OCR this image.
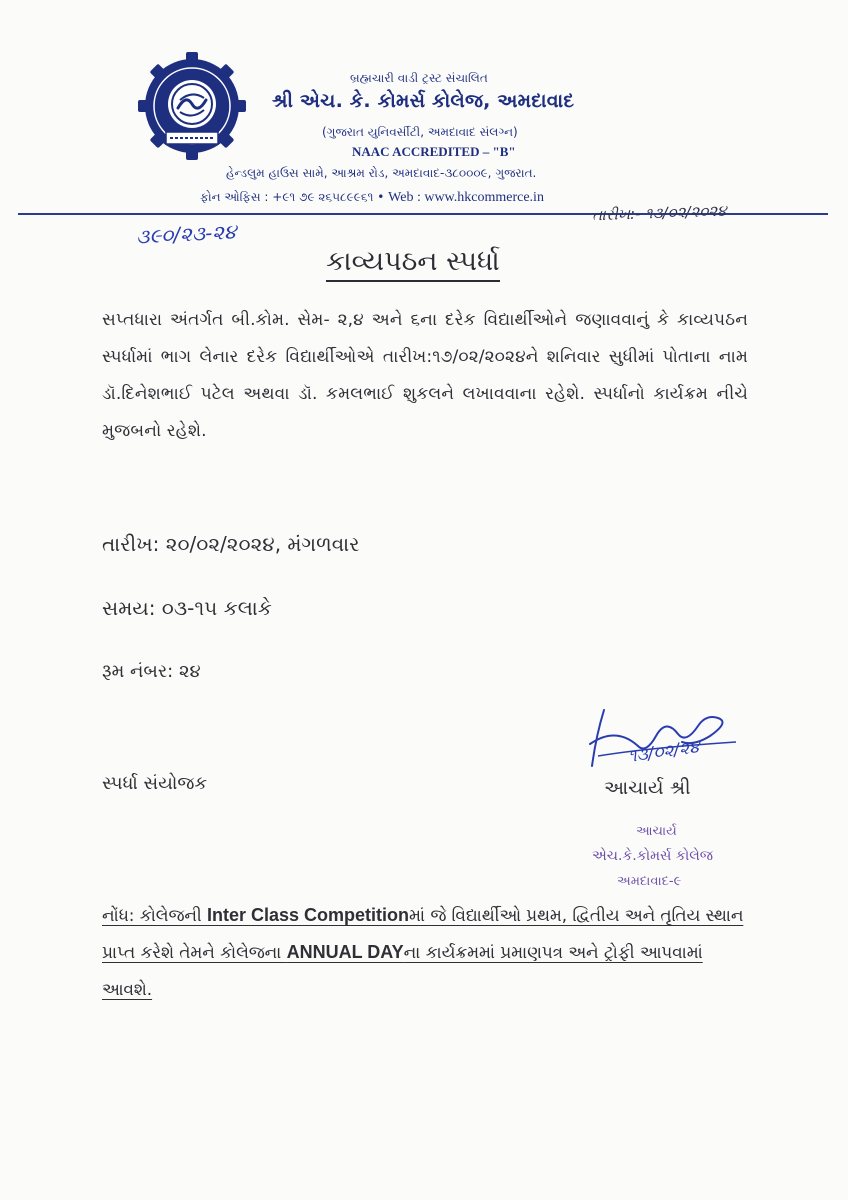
બ્રહ્મચારી વાડી ટ્રસ્ટ સંચાલિત
શ્રી એચ. કે. કોમર્સ કોલેજ, અમદાવાદ
(ગુજરાત યુનિવર્સીટી, અમદાવાદ સંલગ્ન)
NAAC ACCREDITED – "B"
હેન્ડલુમ હાઉસ સામે, આશ્રમ રોડ, અમદાવાદ-૩૮૦૦૦૯, ગુજરાત.
ફોન ઓફિસ : +૯૧ ૭૯ ૨૬૫૮૯૯૬૧ • Web : www.hkcommerce.in
તારીખ:- ૧૩/૦૨/૨૦૨૪
૩૯૦/૨૩-૨૪
કાવ્યપઠન સ્પર્ધા
સપ્તધારા અંતર્ગત બી.કોમ. સેમ- ૨,૪ અને ૬ના દરેક વિદ્યાર્થીઓને જણાવવાનું કે કાવ્યપઠન સ્પર્ધામાં ભાગ લેનાર દરેક વિદ્યાર્થીઓએ તારીખ:૧૭/૦૨/૨૦૨૪ને શનિવાર સુધીમાં પોતાના નામ ડૉ.દિનેશભાઈ પટેલ અથવા ડૉ. કમલભાઈ શુકલને લખાવવાના રહેશે. સ્પર્ધાનો કાર્યક્રમ નીચે મુજબનો રહેશે.
તારીખ: ૨૦/૦૨/૨૦૨૪, મંગળવાર
સમય: ૦૩-૧૫ કલાકે
રૂમ નંબર: ૨૪
૧૩/૦૨/૨૪
સ્પર્ધા સંયોજક	આચાર્ય શ્રી
આચાર્ય
એચ.કે.કોમર્સ કોલેજ
અમદાવાદ-૯
નોંધ: કોલેજની Inter Class Competitionમાં જે વિદ્યાર્થીઓ પ્રથમ, દ્વિતીય અને તૃતિય સ્થાન પ્રાપ્ત કરેશે તેમને કોલેજના ANNUAL DAYના કાર્યક્રમમાં પ્રમાણપત્ર અને ટ્રોફી આપવામાં આવશે.
